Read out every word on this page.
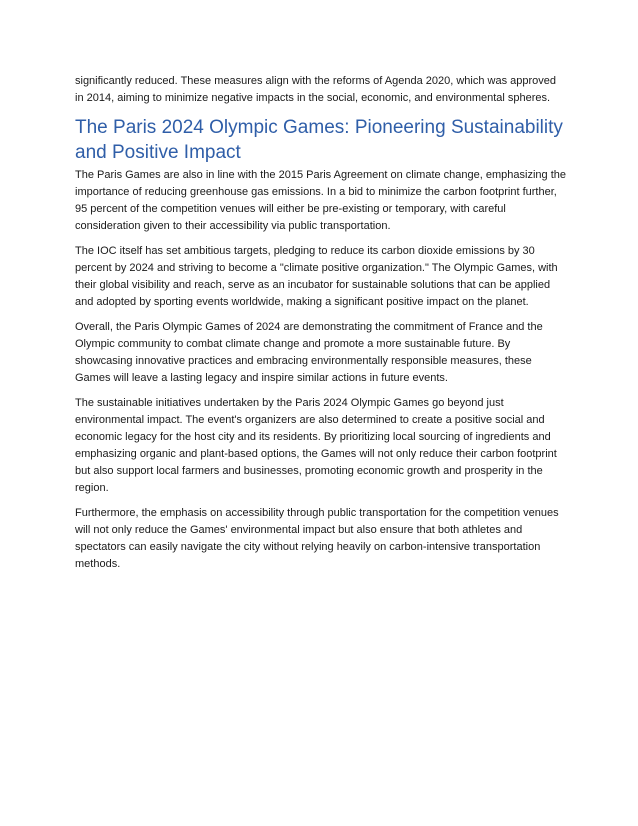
significantly reduced. These measures align with the reforms of Agenda 2020, which was approved in 2014, aiming to minimize negative impacts in the social, economic, and environmental spheres.

The Paris 2024 Olympic Games: Pioneering Sustainability and Positive Impact

The Paris Games are also in line with the 2015 Paris Agreement on climate change, emphasizing the importance of reducing greenhouse gas emissions. In a bid to minimize the carbon footprint further, 95 percent of the competition venues will either be pre-existing or temporary, with careful consideration given to their accessibility via public transportation.

The IOC itself has set ambitious targets, pledging to reduce its carbon dioxide emissions by 30 percent by 2024 and striving to become a "climate positive organization." The Olympic Games, with their global visibility and reach, serve as an incubator for sustainable solutions that can be applied and adopted by sporting events worldwide, making a significant positive impact on the planet.

Overall, the Paris Olympic Games of 2024 are demonstrating the commitment of France and the Olympic community to combat climate change and promote a more sustainable future. By showcasing innovative practices and embracing environmentally responsible measures, these Games will leave a lasting legacy and inspire similar actions in future events.

The sustainable initiatives undertaken by the Paris 2024 Olympic Games go beyond just environmental impact. The event's organizers are also determined to create a positive social and economic legacy for the host city and its residents. By prioritizing local sourcing of ingredients and emphasizing organic and plant-based options, the Games will not only reduce their carbon footprint but also support local farmers and businesses, promoting economic growth and prosperity in the region.

Furthermore, the emphasis on accessibility through public transportation for the competition venues will not only reduce the Games' environmental impact but also ensure that both athletes and spectators can easily navigate the city without relying heavily on carbon-intensive transportation methods.
